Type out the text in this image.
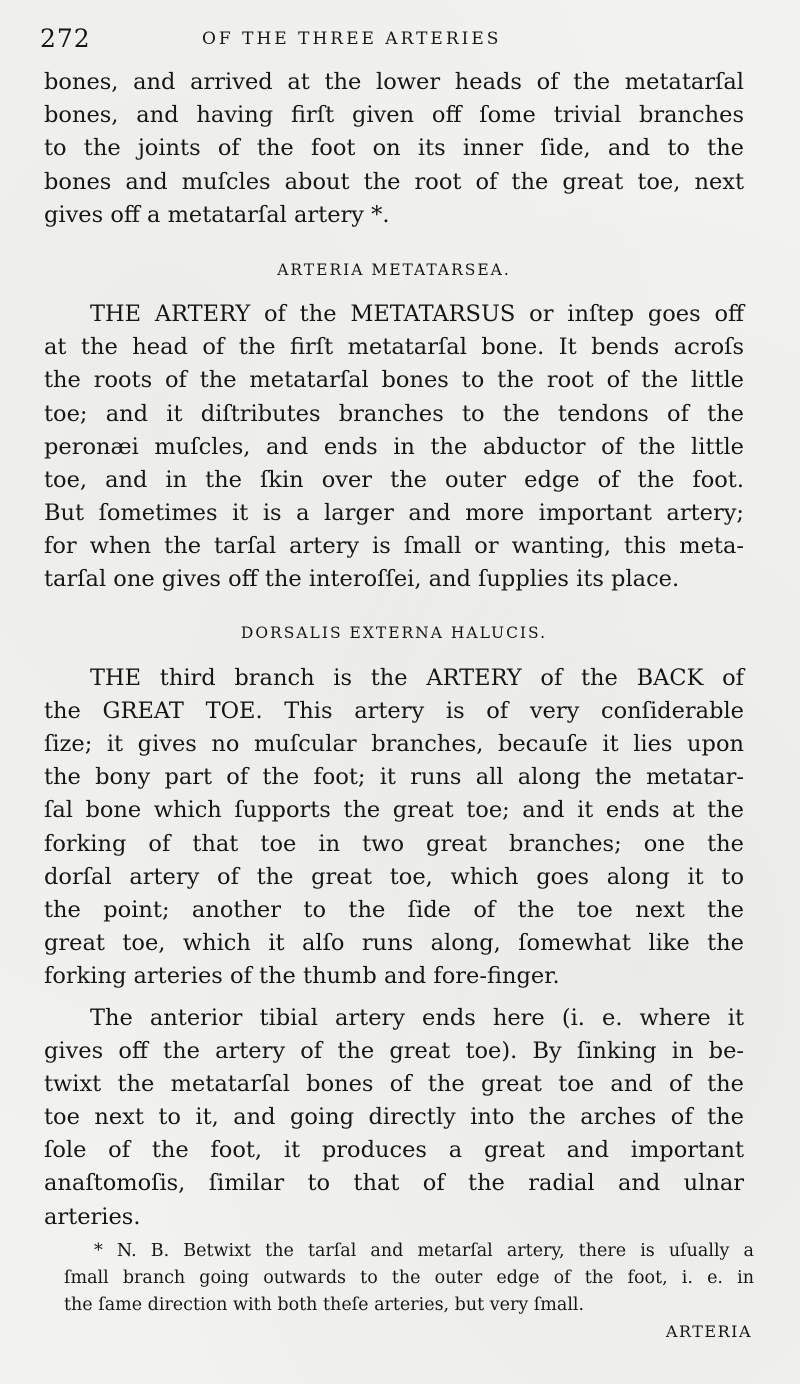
272	OF THE THREE ARTERIES
bones, and arrived at the lower heads of the metatarſal
bones, and having firſt given off ſome trivial branches
to the joints of the foot on its inner ſide, and to the
bones and muſcles about the root of the great toe, next
gives off a metatarſal artery *.
ARTERIA METATARSEA.
THE ARTERY of the METATARSUS or inſtep goes off
at the head of the firſt metatarſal bone. It bends acroſs
the roots of the metatarſal bones to the root of the little
toe; and it diſtributes branches to the tendons of the
peronæi muſcles, and ends in the abductor of the little
toe, and in the ſkin over the outer edge of the foot.
But ſometimes it is a larger and more important artery;
for when the tarſal artery is ſmall or wanting, this meta-
tarſal one gives off the interoſſei, and ſupplies its place.
DORSALIS EXTERNA HALUCIS.
THE third branch is the ARTERY of the BACK of
the GREAT TOE. This artery is of very conſiderable
ſize; it gives no muſcular branches, becauſe it lies upon
the bony part of the foot; it runs all along the metatar-
ſal bone which ſupports the great toe; and it ends at the
forking of that toe in two great branches; one the
dorſal artery of the great toe, which goes along it to
the point; another to the ſide of the toe next the
great toe, which it alſo runs along, ſomewhat like the
forking arteries of the thumb and fore-finger.
The anterior tibial artery ends here (i. e. where it
gives off the artery of the great toe). By ſinking in be-
twixt the metatarſal bones of the great toe and of the
toe next to it, and going directly into the arches of the
ſole of the foot, it produces a great and important
anaſtomoſis, ſimilar to that of the radial and ulnar
arteries.
* N. B. Betwixt the tarſal and metarſal artery, there is uſually a
ſmall branch going outwards to the outer edge of the foot, i. e. in
the ſame direction with both theſe arteries, but very ſmall.
ARTERIA
